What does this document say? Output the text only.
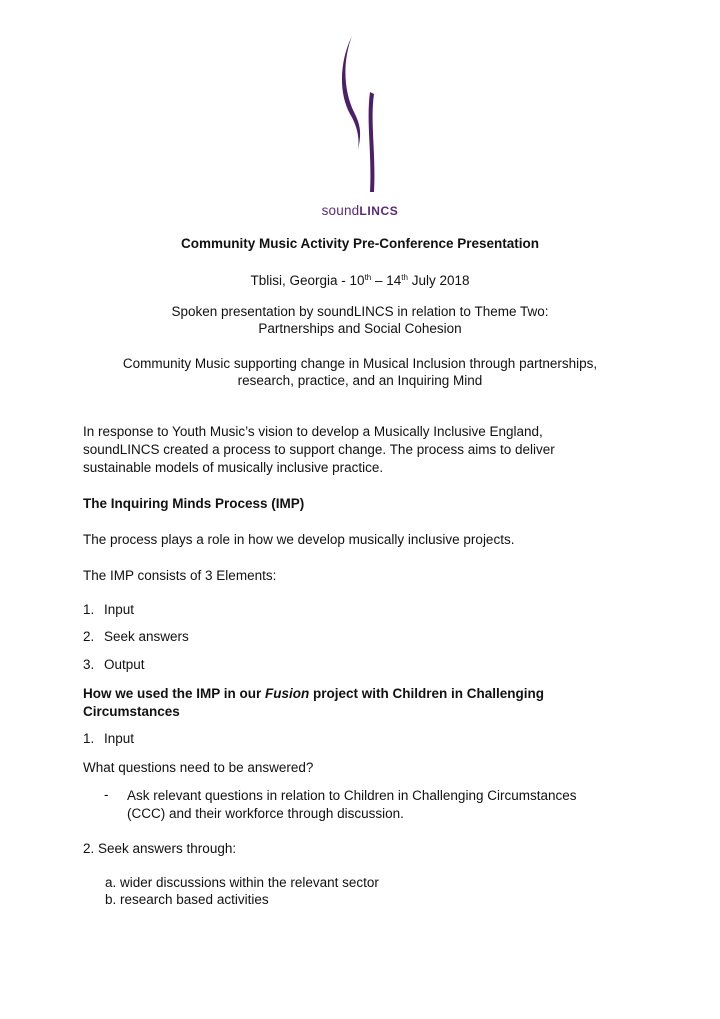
soundLINCS
Community Music Activity Pre-Conference Presentation
Tblisi, Georgia - 10th – 14th July 2018
Spoken presentation by soundLINCS in relation to Theme Two:
Partnerships and Social Cohesion
Community Music supporting change in Musical Inclusion through partnerships,
research, practice, and an Inquiring Mind
In response to Youth Music’s vision to develop a Musically Inclusive England,
soundLINCS created a process to support change. The process aims to deliver
sustainable models of musically inclusive practice.
The Inquiring Minds Process (IMP)
The process plays a role in how we develop musically inclusive projects.
The IMP consists of 3 Elements:
1. Input
2. Seek answers
3. Output
How we used the IMP in our Fusion project with Children in Challenging
Circumstances
1. Input
What questions need to be answered?
- Ask relevant questions in relation to Children in Challenging Circumstances
(CCC) and their workforce through discussion.
2. Seek answers through:
a. wider discussions within the relevant sector
b. research based activities
